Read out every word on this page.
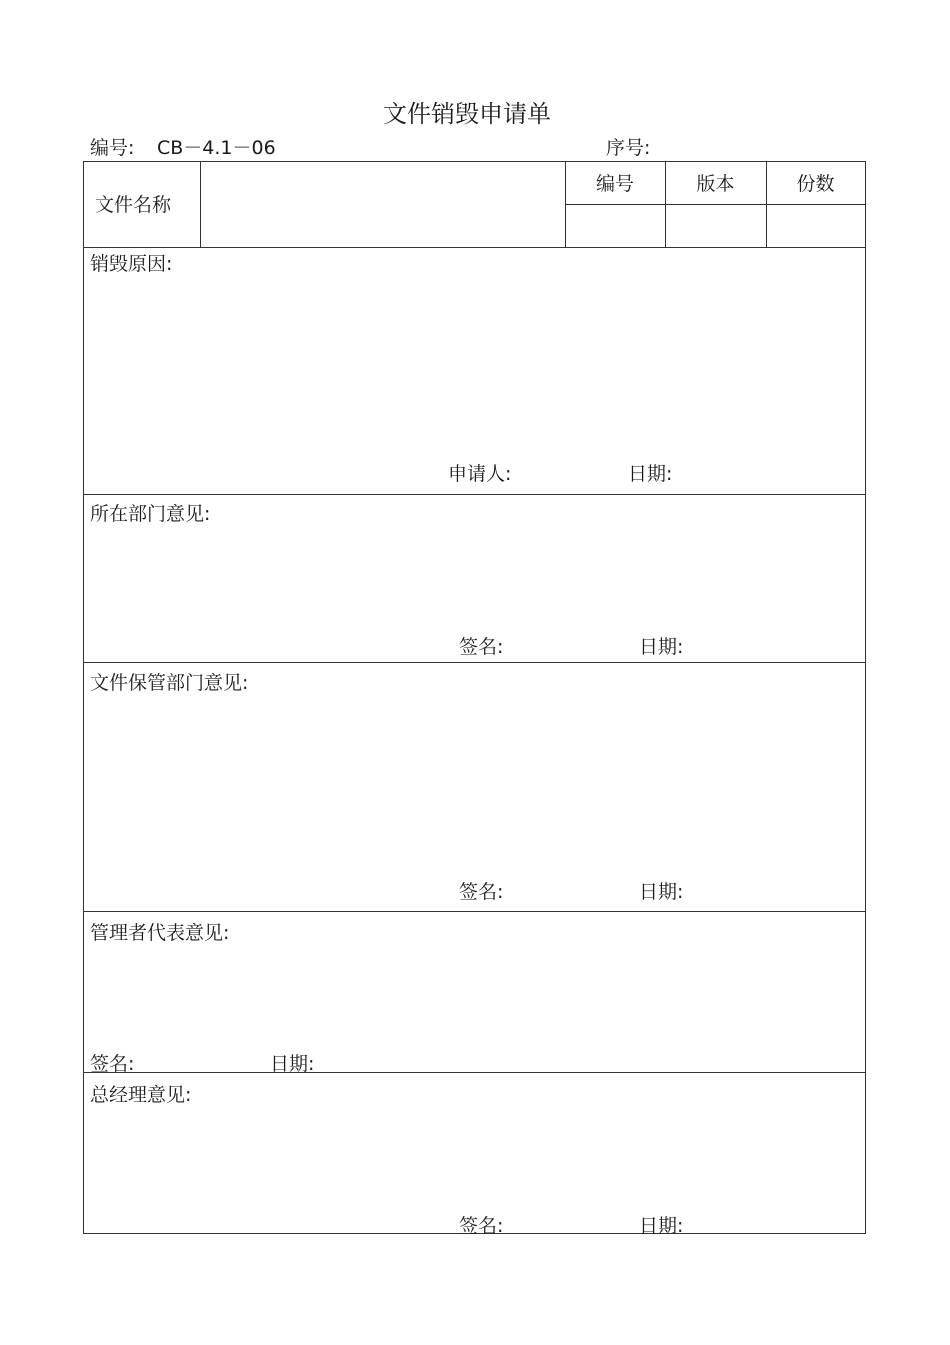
文件销毁申请单
编号: CB－4.1－06	序号:
文件名称
编号	版本	份数
销毁原因:
申请人:	日期:
所在部门意见:
签名:	日期:
文件保管部门意见:
签名:	日期:
管理者代表意见:
签名:	日期:
总经理意见:
签名:	日期:
